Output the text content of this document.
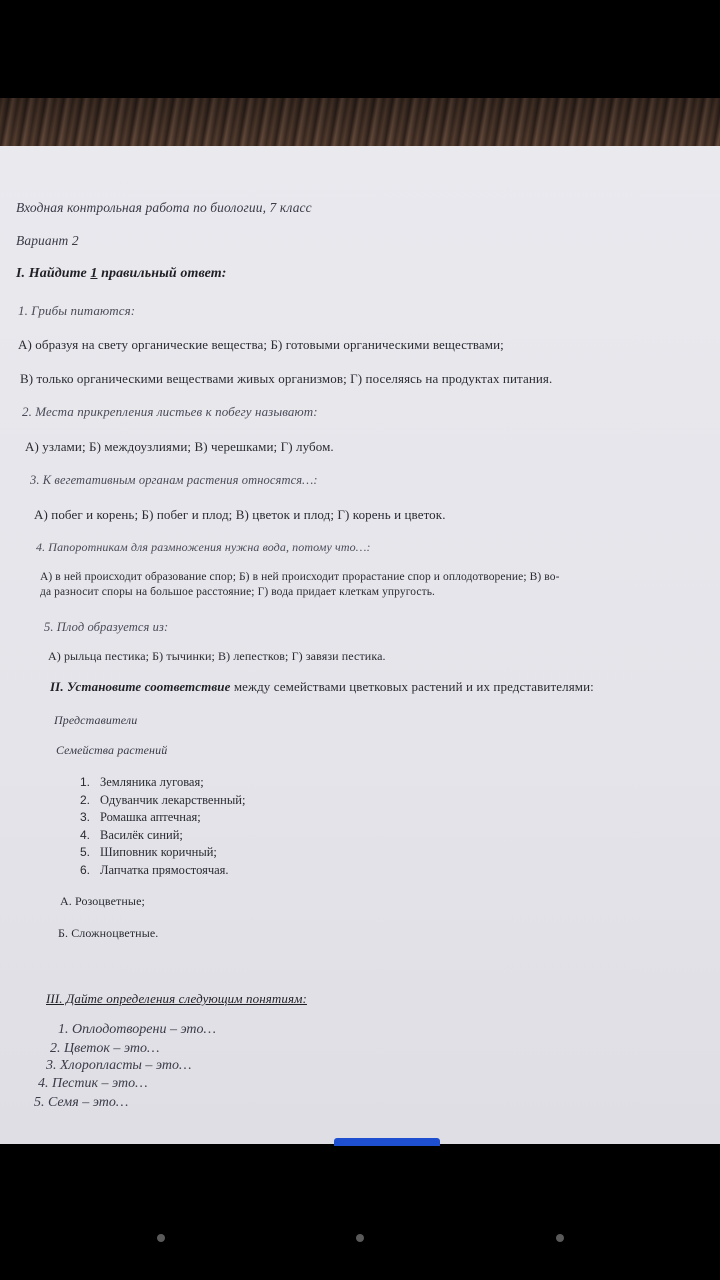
Входная контрольная работа по биологии, 7 класс
Вариант 2
I. Найдите 1 правильный ответ:
1. Грибы питаются:
А) образуя на свету органические вещества; Б) готовыми органическими веществами;
В) только органическими веществами живых организмов; Г) поселяясь на продуктах питания.
2. Места прикрепления листьев к побегу называют:
А) узлами; Б) междоузлиями; В) черешками; Г) лубом.
3. К вегетативным органам растения относятся…:
А) побег и корень; Б) побег и плод; В) цветок и плод; Г) корень и цветок.
4. Папоротникам для размножения нужна вода, потому что…:
А) в ней происходит образование спор; Б) в ней происходит прорастание спор и оплодотворение; В) во-
да разносит споры на большое расстояние; Г) вода придает клеткам упругость.
5. Плод образуется из:
А) рыльца пестика; Б) тычинки; В) лепестков; Г) завязи пестика.
II. Установите соответствие между семействами цветковых растений и их представителями:
Представители
Семейства растений
1. Земляника луговая;
2. Одуванчик лекарственный;
3. Ромашка аптечная;
4. Василёк синий;
5. Шиповник коричный;
6. Лапчатка прямостоячая.
А. Розоцветные;
Б. Сложноцветные.
III. Дайте определения следующим понятиям:
1. Оплодотворени – это…
2. Цветок – это…
3. Хлоропласты – это…
4. Пестик – это…
5. Семя – это…
